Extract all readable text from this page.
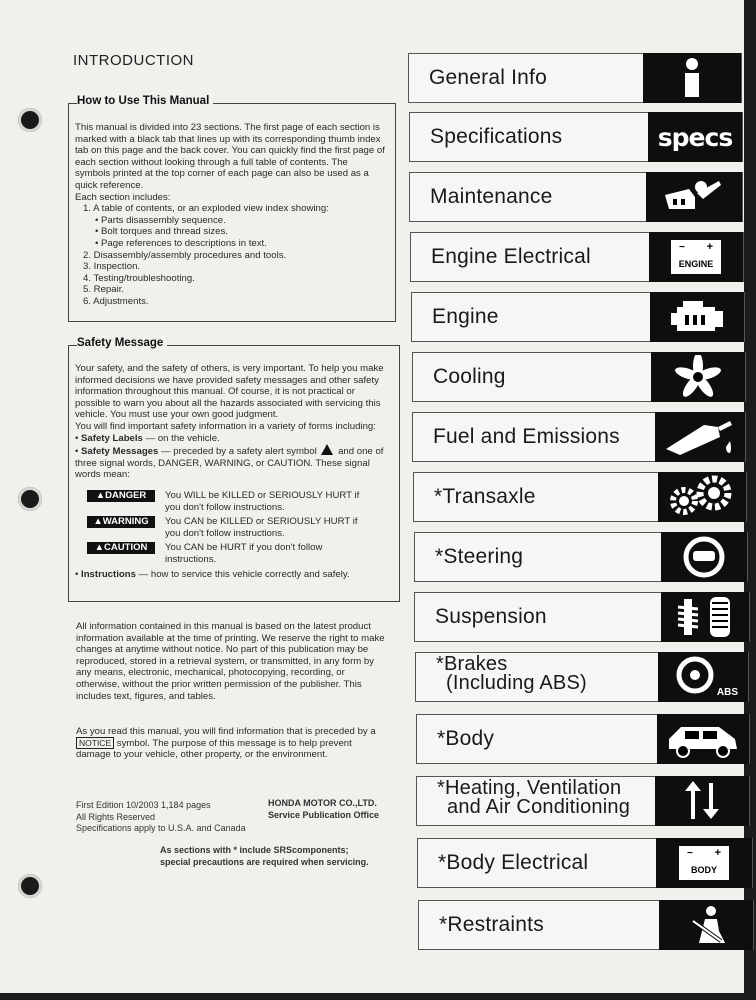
INTRODUCTION
How to Use This Manual

This manual is divided into 23 sections. The first page of each section is marked with a black tab that lines up with its corresponding thumb index tab on this page and the back cover. You can quickly find the first page of each section without looking through a full table of contents. The symbols printed at the top corner of each page can also be used as a quick reference.

Each section includes:

1. A table of contents, or an exploded view index showing:

• Parts disassembly sequence.

• Bolt torques and thread sizes.

• Page references to descriptions in text.

2. Disassembly/assembly procedures and tools.

3. Inspection.

4. Testing/troubleshooting.

5. Repair.

6. Adjustments.

Safety Message

Your safety, and the safety of others, is very important. To help you make informed decisions we have provided safety messages and other safety information throughout this manual. Of course, it is not practical or possible to warn you about all the hazards associated with servicing this vehicle. You must use your own good judgment.

You will find important safety information in a variety of forms including:

• Safety Labels — on the vehicle.

• Safety Messages — preceded by a safety alert symbol and one of three signal words, DANGER, WARNING, or CAUTION. These signal words mean:

▲DANGER	You WILL be KILLED or SERIOUSLY HURT if you don't follow instructions.
▲WARNING	You CAN be KILLED or SERIOUSLY HURT if you don't follow instructions.
▲CAUTION	You CAN be HURT if you don't follow instructions.

• Instructions — how to service this vehicle correctly and safely.

All information contained in this manual is based on the latest product information available at the time of printing. We reserve the right to make changes at anytime without notice. No part of this publication may be reproduced, stored in a retrieval system, or transmitted, in any form by any means, electronic, mechanical, photocopying, recording, or otherwise, without the prior written permission of the publisher. This includes text, figures, and tables.
As you read this manual, you will find information that is preceded by a NOTICE symbol. The purpose of this message is to help prevent damage to your vehicle, other property, or the environment.
First Edition 10/2003 1,184 pages
All Rights Reserved
Specifications apply to U.S.A. and Canada
HONDA MOTOR CO.,LTD.
Service Publication Office
As sections with * include SRScomponents;
special precautions are required when servicing.
General Info
Specifications	specs
Maintenance
Engine Electrical	− +
ENGINE
Engine
Cooling
Fuel and Emissions
*Transaxle
*Steering
Suspension
*Brakes
(Including ABS)	ABS
*Body
*Heating, Ventilation
and Air Conditioning
*Body Electrical	− +
BODY
*Restraints
